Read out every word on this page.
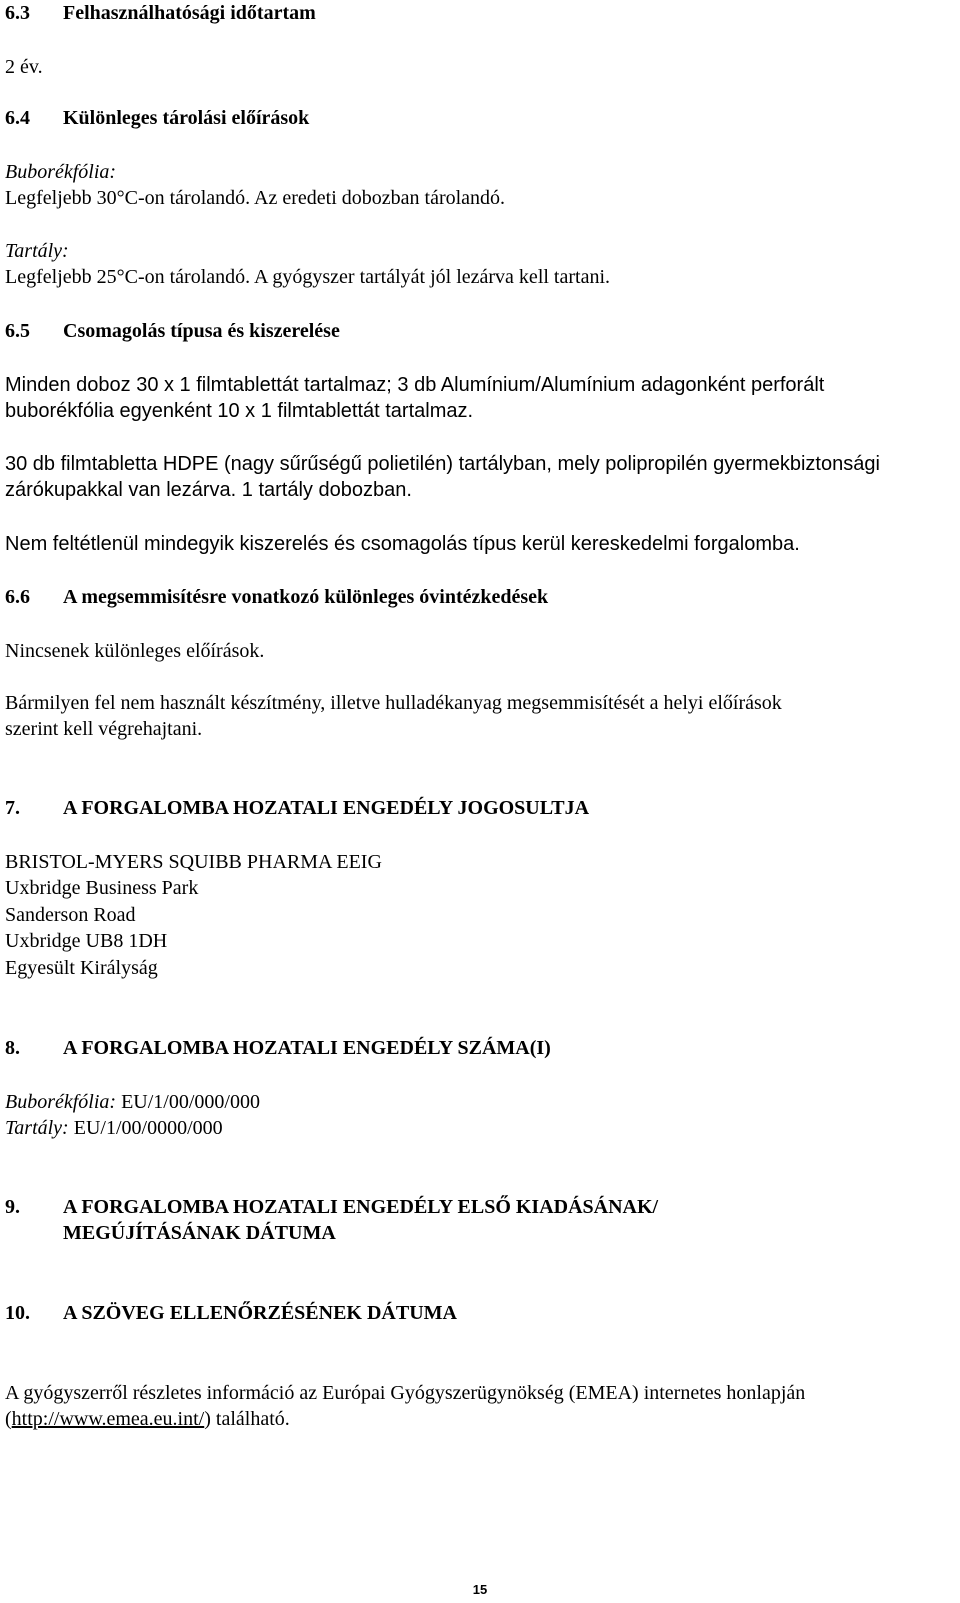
6.3 Felhasználhatósági időtartam
2 év.
6.4 Különleges tárolási előírások
Buborékfólia:
Legfeljebb 30°C-on tárolandó. Az eredeti dobozban tárolandó.
Tartály:
Legfeljebb 25°C-on tárolandó. A gyógyszer tartályát jól lezárva kell tartani.
6.5 Csomagolás típusa és kiszerelése
Minden doboz 30 x 1 filmtablettát tartalmaz; 3 db Alumínium/Alumínium adagonként perforált
buborékfólia egyenként 10 x 1 filmtablettát tartalmaz.
30 db filmtabletta HDPE (nagy sűrűségű polietilén) tartályban, mely polipropilén gyermekbiztonsági
zárókupakkal van lezárva. 1 tartály dobozban.
Nem feltétlenül mindegyik kiszerelés és csomagolás típus kerül kereskedelmi forgalomba.
6.6 A megsemmisítésre vonatkozó különleges óvintézkedések
Nincsenek különleges előírások.
Bármilyen fel nem használt készítmény, illetve hulladékanyag megsemmisítését a helyi előírások
szerint kell végrehajtani.
7. A FORGALOMBA HOZATALI ENGEDÉLY JOGOSULTJA
BRISTOL-MYERS SQUIBB PHARMA EEIG
Uxbridge Business Park
Sanderson Road
Uxbridge UB8 1DH
Egyesült Királyság
8. A FORGALOMBA HOZATALI ENGEDÉLY SZÁMA(I)
Buborékfólia: EU/1/00/000/000
Tartály: EU/1/00/0000/000
9. A FORGALOMBA HOZATALI ENGEDÉLY ELSŐ KIADÁSÁNAK/
MEGÚJÍTÁSÁNAK DÁTUMA
10. A SZÖVEG ELLENŐRZÉSÉNEK DÁTUMA
A gyógyszerről részletes információ az Európai Gyógyszerügynökség (EMEA) internetes honlapján
(http://www.emea.eu.int/) található.
15
